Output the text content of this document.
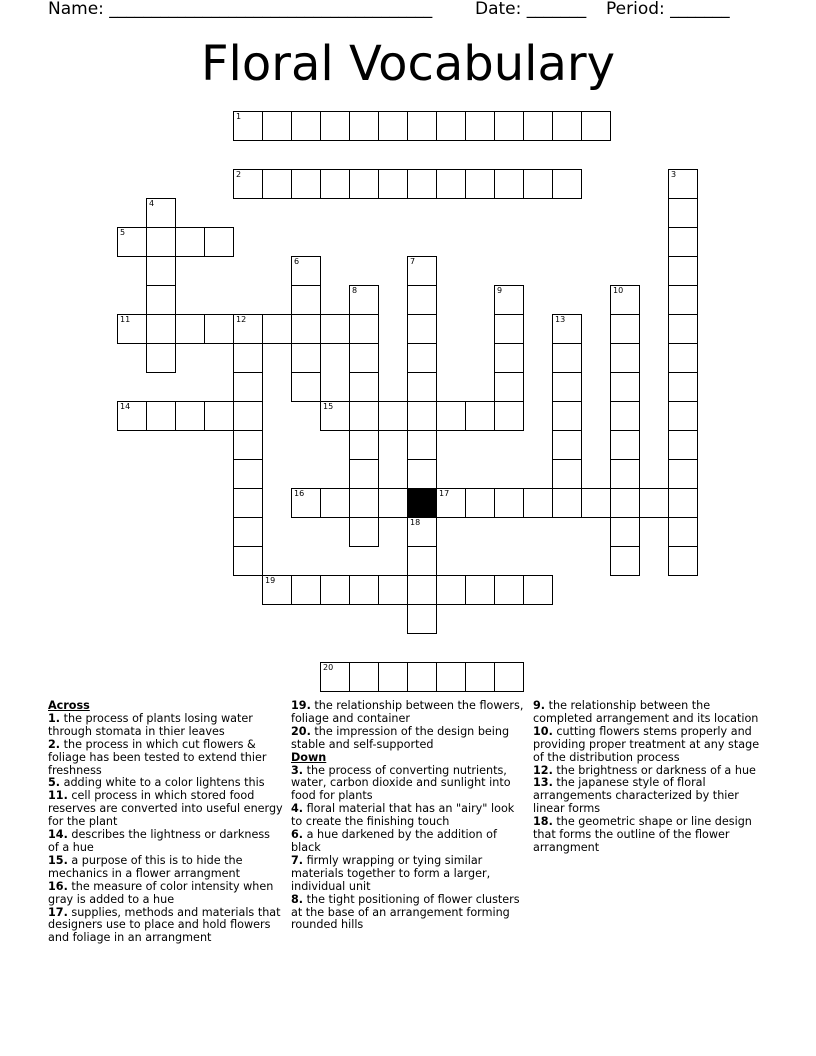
Name: ______________________________________	Date: _______ Period: _______
Floral Vocabulary
1
2	3
4
5
6	7
8	9	10
11	12	13
14	15
16	17
18
19
20
Across
1. the process of plants losing water through stomata in thier leaves
2. the process in which cut flowers & foliage has been tested to extend thier freshness
5. adding white to a color lightens this
11. cell process in which stored food reserves are converted into useful energy for the plant
14. describes the lightness or darkness of a hue
15. a purpose of this is to hide the mechanics in a flower arrangment
16. the measure of color intensity when gray is added to a hue
17. supplies, methods and materials that designers use to place and hold flowers and foliage in an arrangment
19. the relationship between the flowers, foliage and container
20. the impression of the design being stable and self-supported
Down
3. the process of converting nutrients, water, carbon dioxide and sunlight into food for plants
4. floral material that has an "airy" look to create the finishing touch
6. a hue darkened by the addition of black
7. firmly wrapping or tying similar materials together to form a larger, individual unit
8. the tight positioning of flower clusters at the base of an arrangement forming rounded hills
9. the relationship between the completed arrangement and its location
10. cutting flowers stems properly and providing proper treatment at any stage of the distribution process
12. the brightness or darkness of a hue
13. the japanese style of floral arrangements characterized by thier linear forms
18. the geometric shape or line design that forms the outline of the flower arrangment
